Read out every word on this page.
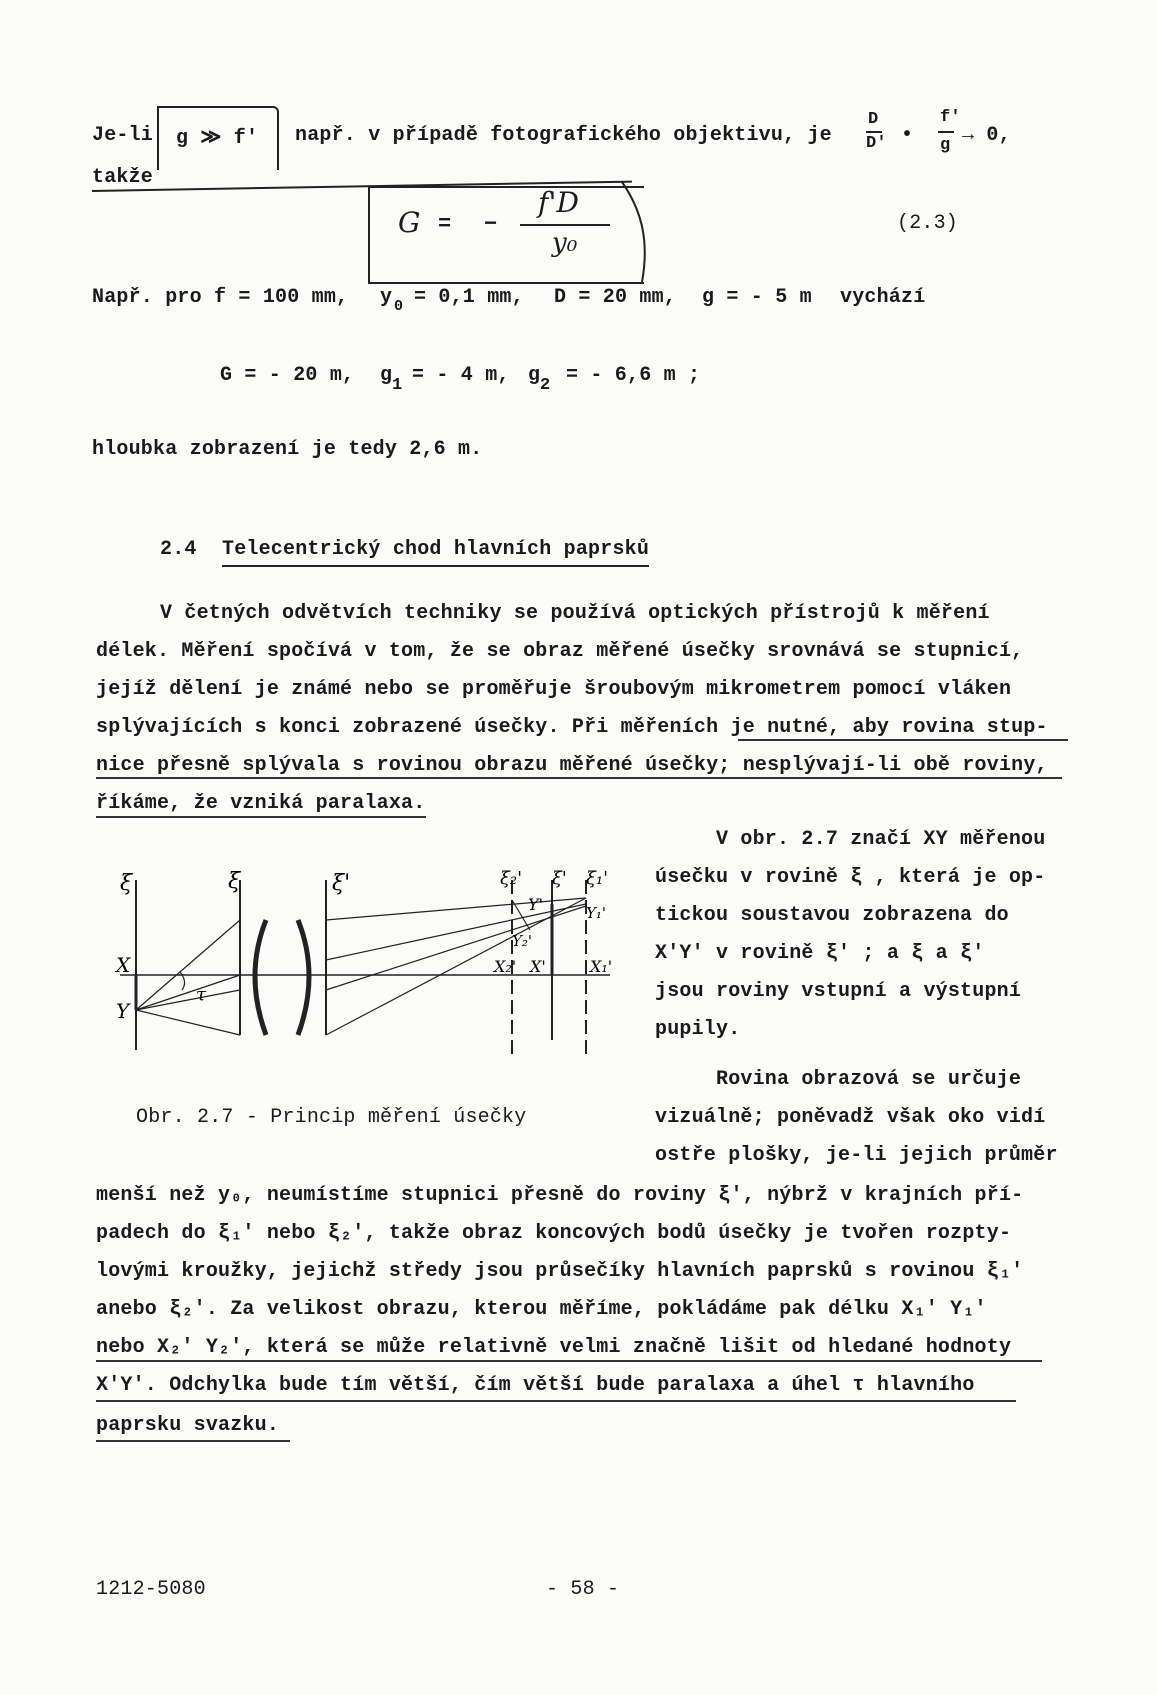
Je-li g ≫ f' např. v případě fotografického objektivu, je
D
D' •
f'
g → 0,
takže
G = −
f'D
y₀
(2.3)
Např. pro f = 100 mm, y 0 = 0,1 mm, D = 20 mm, g = - 5 m vychází
G = - 20 m, g 1 = - 4 m, g 2 = - 6,6 m ;
hloubka zobrazení je tedy 2,6 m.
2.4 Telecentrický chod hlavních paprsků
V četných odvětvích techniky se používá optických přístrojů k měření
délek. Měření spočívá v tom, že se obraz měřené úsečky srovnává se stupnicí,
jejíž dělení je známé nebo se proměřuje šroubovým mikrometrem pomocí vláken
splývajících s konci zobrazené úsečky. Při měřeních je nutné, aby rovina stup-
nice přesně splývala s rovinou obrazu měřené úsečky; nesplývají-li obě roviny,
říkáme, že vzniká paralaxa.
V obr. 2.7 značí XY měřenou
úsečku v rovině ξ , která je op-
tickou soustavou zobrazena do
X'Y' v rovině ξ' ; a ξ a ξ'
jsou roviny vstupní a výstupní
pupily.
Rovina obrazová se určuje
vizuálně; poněvadž však oko vidí
ostře plošky, je-li jejich průměr
ξ	ξ	ξ'	ξ₂' ξ' ξ₁'
X
Y
τ
Y'
Y₂'
Y₁'
X₂' X'	X₁'
Obr. 2.7 - Princip měření úsečky
menší než y₀, neumístíme stupnici přesně do roviny ξ', nýbrž v krajních pří-
padech do ξ₁' nebo ξ₂', takže obraz koncových bodů úsečky je tvořen rozpty-
lovými kroužky, jejichž středy jsou průsečíky hlavních paprsků s rovinou ξ₁'
anebo ξ₂'. Za velikost obrazu, kterou měříme, pokládáme pak délku X₁' Y₁'
nebo X₂' Y₂', která se může relativně velmi značně lišit od hledané hodnoty
X'Y'. Odchylka bude tím větší, čím větší bude paralaxa a úhel τ hlavního
paprsku svazku.
1212-5080	- 58 -
